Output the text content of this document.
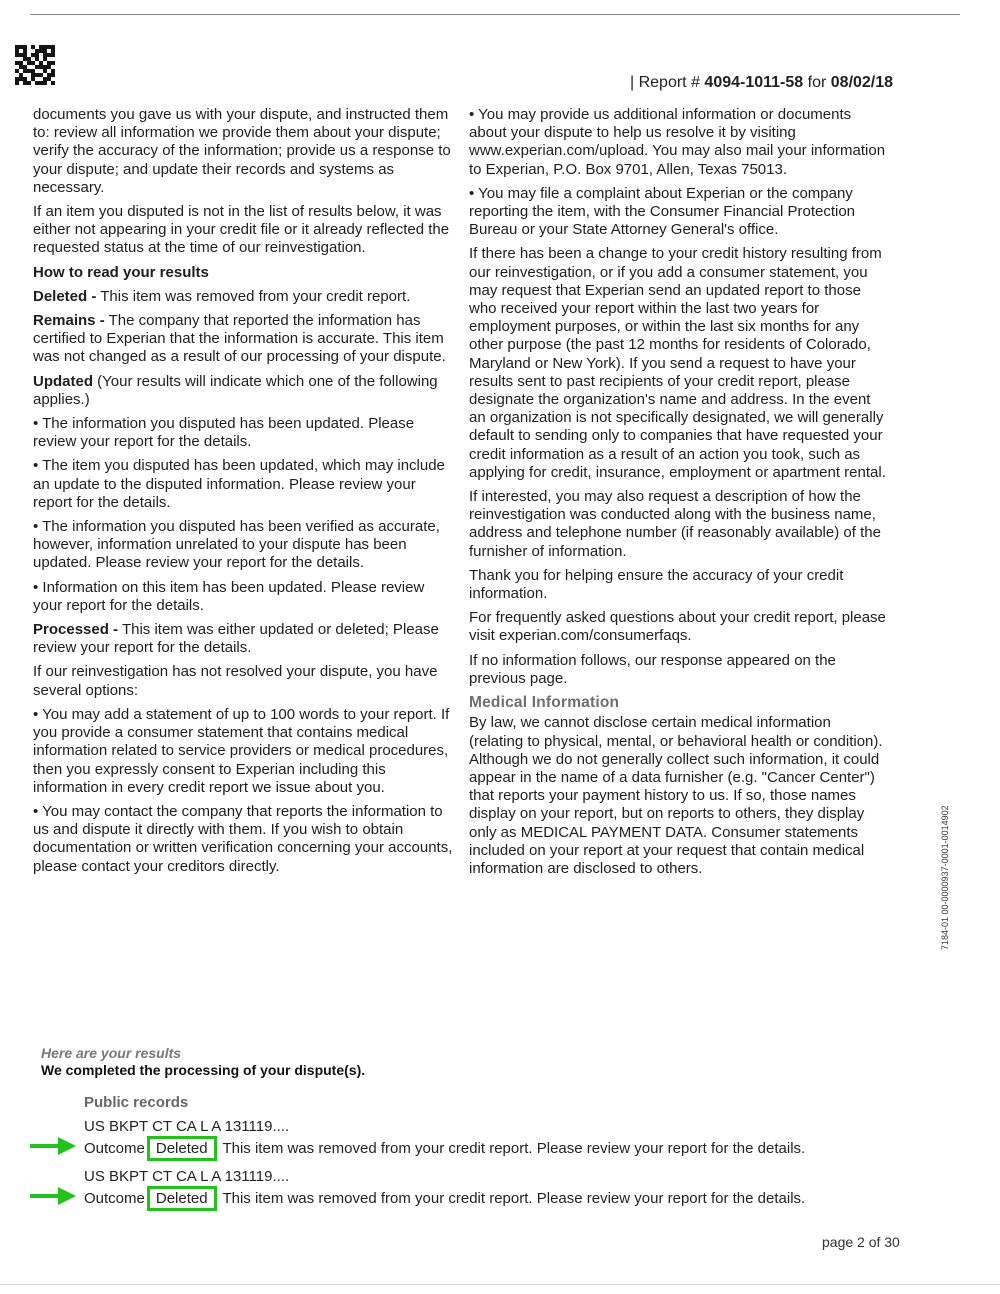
| Report # 4094-1011-58 for 08/02/18

documents you gave us with your dispute, and instructed them to: review all information we provide them about your dispute; verify the accuracy of the information; provide us a response to your dispute; and update their records and systems as necessary.

If an item you disputed is not in the list of results below, it was either not appearing in your credit file or it already reflected the requested status at the time of our reinvestigation.

How to read your results

Deleted - This item was removed from your credit report.

Remains - The company that reported the information has certified to Experian that the information is accurate. This item was not changed as a result of our processing of your dispute.

Updated (Your results will indicate which one of the following applies.)

• The information you disputed has been updated. Please review your report for the details.

• The item you disputed has been updated, which may include an update to the disputed information. Please review your report for the details.

• The information you disputed has been verified as accurate, however, information unrelated to your dispute has been updated. Please review your report for the details.

• Information on this item has been updated. Please review your report for the details.

Processed - This item was either updated or deleted; Please review your report for the details.

If our reinvestigation has not resolved your dispute, you have several options:

• You may add a statement of up to 100 words to your report. If you provide a consumer statement that contains medical information related to service providers or medical procedures, then you expressly consent to Experian including this information in every credit report we issue about you.

• You may contact the company that reports the information to us and dispute it directly with them. If you wish to obtain documentation or written verification concerning your accounts, please contact your creditors directly.

• You may provide us additional information or documents about your dispute to help us resolve it by visiting www.experian.com/upload. You may also mail your information to Experian, P.O. Box 9701, Allen, Texas 75013.

• You may file a complaint about Experian or the company reporting the item, with the Consumer Financial Protection Bureau or your State Attorney General's office.

If there has been a change to your credit history resulting from our reinvestigation, or if you add a consumer statement, you may request that Experian send an updated report to those who received your report within the last two years for employment purposes, or within the last six months for any other purpose (the past 12 months for residents of Colorado, Maryland or New York). If you send a request to have your results sent to past recipients of your credit report, please designate the organization's name and address. In the event an organization is not specifically designated, we will generally default to sending only to companies that have requested your credit information as a result of an action you took, such as applying for credit, insurance, employment or apartment rental.

If interested, you may also request a description of how the reinvestigation was conducted along with the business name, address and telephone number (if reasonably available) of the furnisher of information.

Thank you for helping ensure the accuracy of your credit information.

For frequently asked questions about your credit report, please visit experian.com/consumerfaqs.

If no information follows, our response appeared on the previous page.

Medical Information

By law, we cannot disclose certain medical information (relating to physical, mental, or behavioral health or condition). Although we do not generally collect such information, it could appear in the name of a data furnisher (e.g. "Cancer Center") that reports your payment history to us. If so, those names display on your report, but on reports to others, they display only as MEDICAL PAYMENT DATA. Consumer statements included on your report at your request that contain medical information are disclosed to others.	7184-01 00-0000937-0001-0014902
Here are your results
We completed the processing of your dispute(s).
Public records
US BKPT CT CA L A 131119....
Outcome Deleted This item was removed from your credit report. Please review your report for the details.
US BKPT CT CA L A 131119....
Outcome Deleted This item was removed from your credit report. Please review your report for the details.
page 2 of 30
